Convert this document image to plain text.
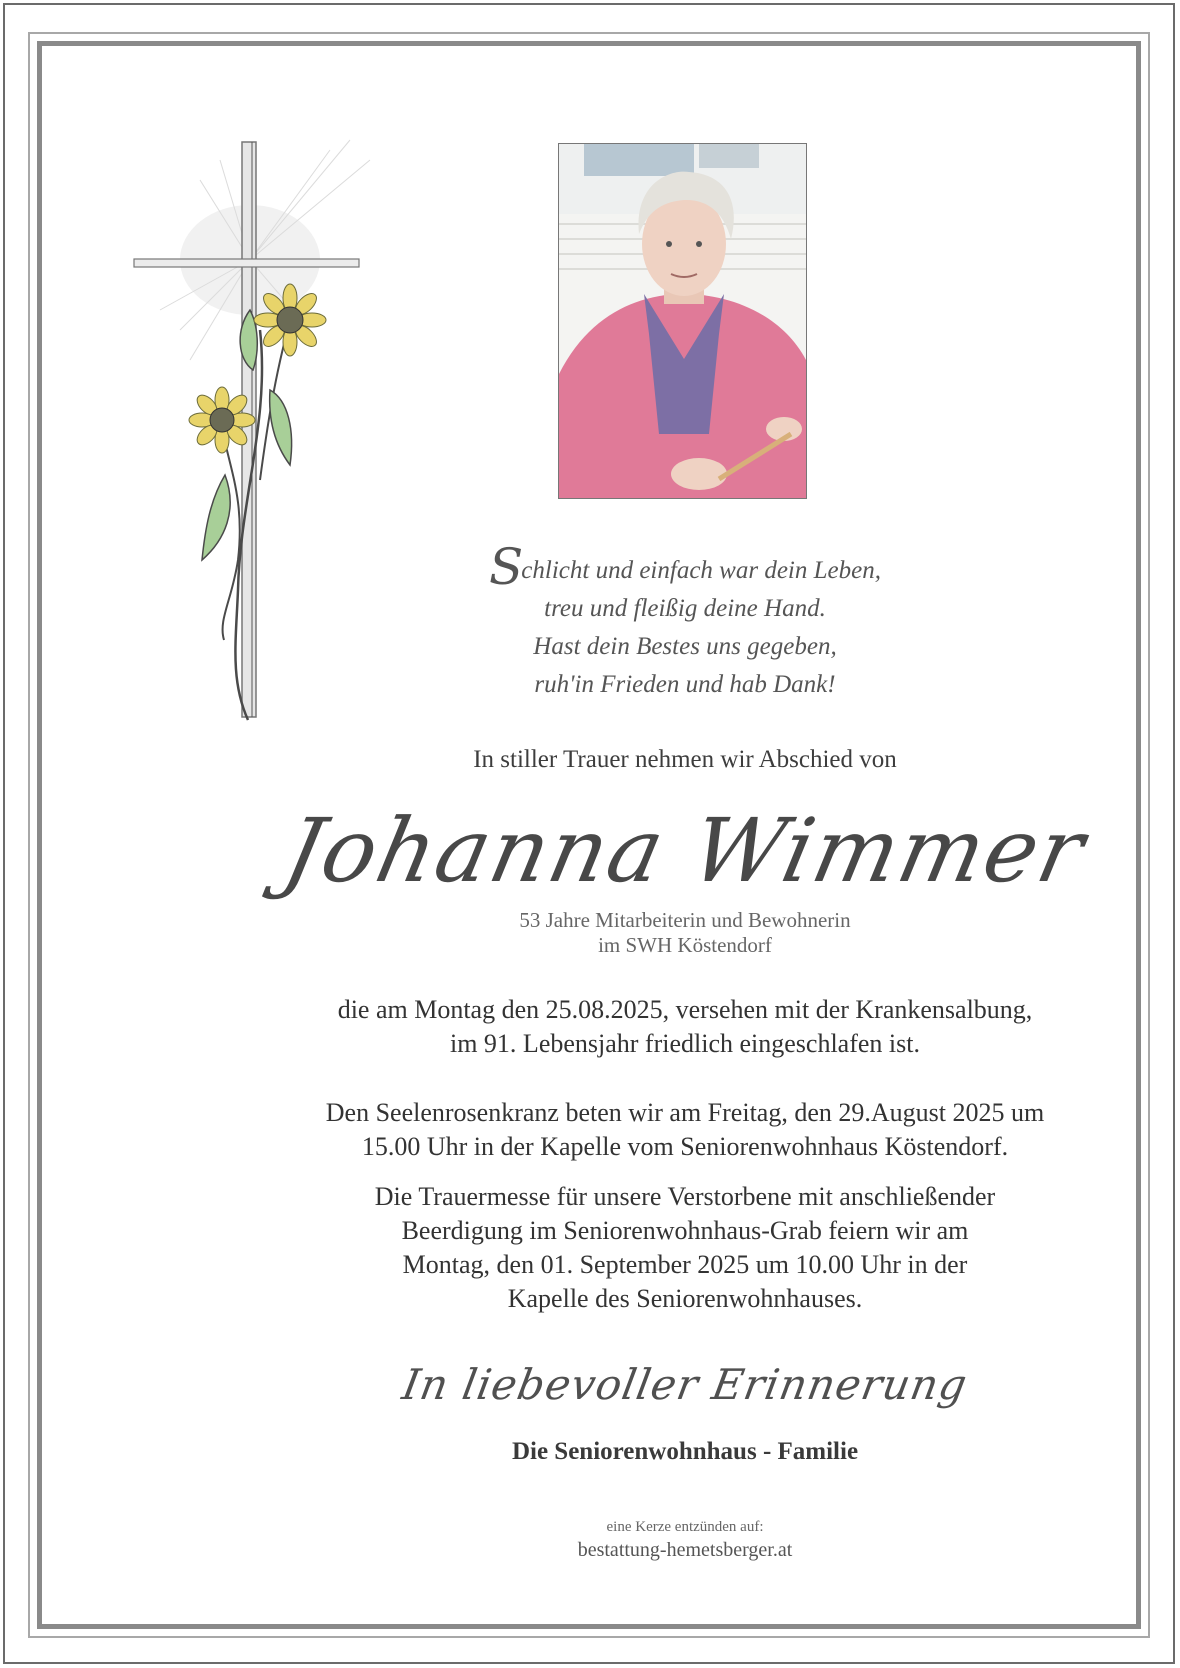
Schlicht und einfach war dein Leben,
treu und fleißig deine Hand.
Hast dein Bestes uns gegeben,
ruh'in Frieden und hab Dank!
In stiller Trauer nehmen wir Abschied von
Johanna Wimmer
53 Jahre Mitarbeiterin und Bewohnerin
im SWH Köstendorf
die am Montag den 25.08.2025, versehen mit der Krankensalbung,
im 91. Lebensjahr friedlich eingeschlafen ist.
Den Seelenrosenkranz beten wir am Freitag, den 29.August 2025 um
15.00 Uhr in der Kapelle vom Seniorenwohnhaus Köstendorf.
Die Trauermesse für unsere Verstorbene mit anschließender
Beerdigung im Seniorenwohnhaus-Grab feiern wir am
Montag, den 01. September 2025 um 10.00 Uhr in der
Kapelle des Seniorenwohnhauses.
In liebevoller Erinnerung
Die Seniorenwohnhaus - Familie
eine Kerze entzünden auf:
bestattung-hemetsberger.at
